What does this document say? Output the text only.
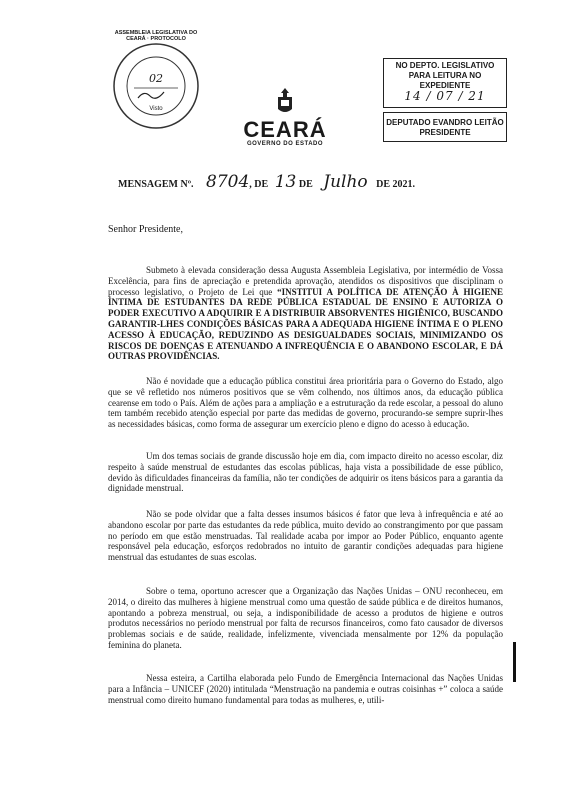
ASSEMBLEIA LEGISLATIVA DO CEARÁ · PROTOCOLO
02
Visto
NO DEPTO. LEGISLATIVO
PARA LEITURA NO EXPEDIENTE
14 / 07 / 21
DEPUTADO EVANDRO LEITÃO
PRESIDENTE
CEARÁ
GOVERNO DO ESTADO
MENSAGEM Nº. 8704, DE 13 DE Julho DE 2021.
Senhor Presidente,

Submeto à elevada consideração dessa Augusta Assembleia Legislativa, por intermédio de Vossa Excelência, para fins de apreciação e pretendida aprovação, atendidos os dispositivos que disciplinam o processo legislativo, o Projeto de Lei que “INSTITUI A POLÍTICA DE ATENÇÃO À HIGIENE ÍNTIMA DE ESTUDANTES DA REDE PÚBLICA ESTADUAL DE ENSINO E AUTORIZA O PODER EXECUTIVO A ADQUIRIR E A DISTRIBUIR ABSORVENTES HIGIÊNICO, BUSCANDO GARANTIR-LHES CONDIÇÕES BÁSICAS PARA A ADEQUADA HIGIENE ÍNTIMA E O PLENO ACESSO À EDUCAÇÃO, REDUZINDO AS DESIGUALDADES SOCIAIS, MINIMIZANDO OS RISCOS DE DOENÇAS E ATENUANDO A INFREQUÊNCIA E O ABANDONO ESCOLAR, E DÁ OUTRAS PROVIDÊNCIAS.

Não é novidade que a educação pública constitui área prioritária para o Governo do Estado, algo que se vê refletido nos números positivos que se vêm colhendo, nos últimos anos, da educação pública cearense em todo o País. Além de ações para a ampliação e a estruturação da rede escolar, a pessoal do aluno tem também recebido atenção especial por parte das medidas de governo, procurando-se sempre suprir-lhes as necessidades básicas, como forma de assegurar um exercício pleno e digno do acesso à educação.

Um dos temas sociais de grande discussão hoje em dia, com impacto direito no acesso escolar, diz respeito à saúde menstrual de estudantes das escolas públicas, haja vista a possibilidade de esse público, devido às dificuldades financeiras da família, não ter condições de adquirir os itens básicos para a garantia da dignidade menstrual.

Não se pode olvidar que a falta desses insumos básicos é fator que leva à infrequência e até ao abandono escolar por parte das estudantes da rede pública, muito devido ao constrangimento por que passam no período em que estão menstruadas. Tal realidade acaba por impor ao Poder Público, enquanto agente responsável pela educação, esforços redobrados no intuito de garantir condições adequadas para higiene menstrual das estudantes de suas escolas.

Sobre o tema, oportuno acrescer que a Organização das Nações Unidas – ONU reconheceu, em 2014, o direito das mulheres à higiene menstrual como uma questão de saúde pública e de direitos humanos, apontando a pobreza menstrual, ou seja, a indisponibilidade de acesso a produtos de higiene e outros produtos necessários no período menstrual por falta de recursos financeiros, como fato causador de diversos problemas sociais e de saúde, realidade, infelizmente, vivenciada mensalmente por 12% da população feminina do planeta.

Nessa esteira, a Cartilha elaborada pelo Fundo de Emergência Internacional das Nações Unidas para a Infância – UNICEF (2020) intitulada “Menstruação na pandemia e outras coisinhas +” coloca a saúde menstrual como direito humano fundamental para todas as mulheres, e, utili-
